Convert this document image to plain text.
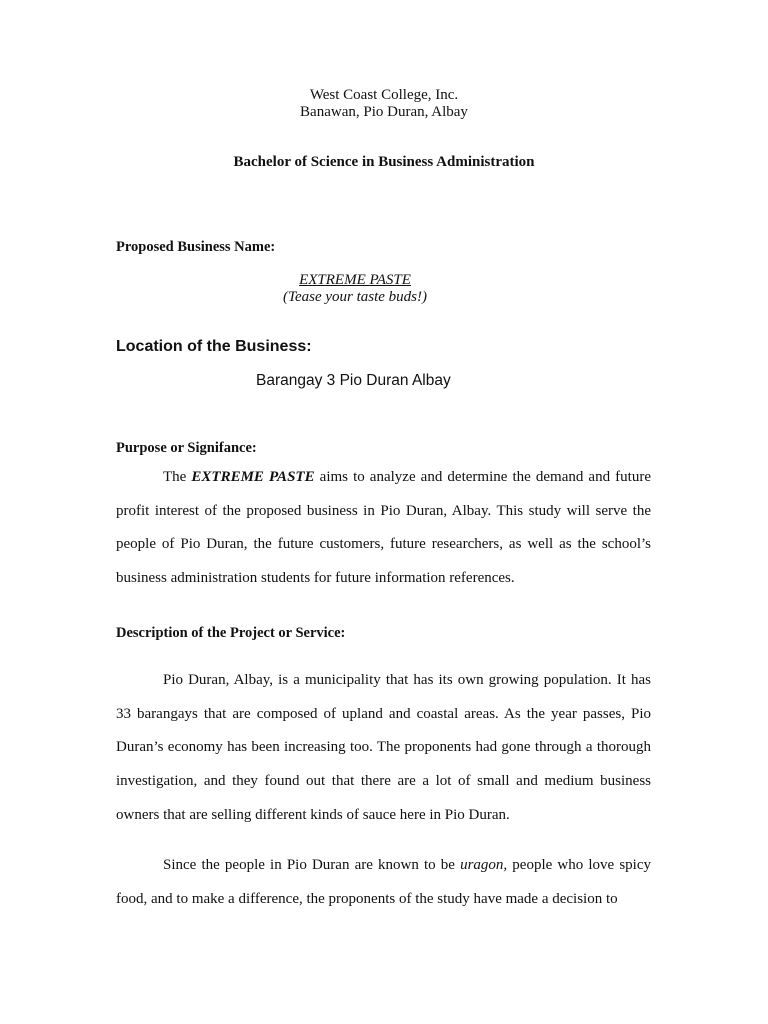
West Coast College, Inc.
Banawan, Pio Duran, Albay
Bachelor of Science in Business Administration
Proposed Business Name:
EXTREME PASTE
(Tease your taste buds!)
Location of the Business:
Barangay 3 Pio Duran Albay
Purpose or Signifance:

The EXTREME PASTE aims to analyze and determine the demand and future profit interest of the proposed business in Pio Duran, Albay. This study will serve the people of Pio Duran, the future customers, future researchers, as well as the school’s business administration students for future information references.

Description of the Project or Service:

Pio Duran, Albay, is a municipality that has its own growing population. It has 33 barangays that are composed of upland and coastal areas. As the year passes, Pio Duran’s economy has been increasing too. The proponents had gone through a thorough investigation, and they found out that there are a lot of small and medium business owners that are selling different kinds of sauce here in Pio Duran.

Since the people in Pio Duran are known to be uragon, people who love spicy food, and to make a difference, the proponents of the study have made a decision to
